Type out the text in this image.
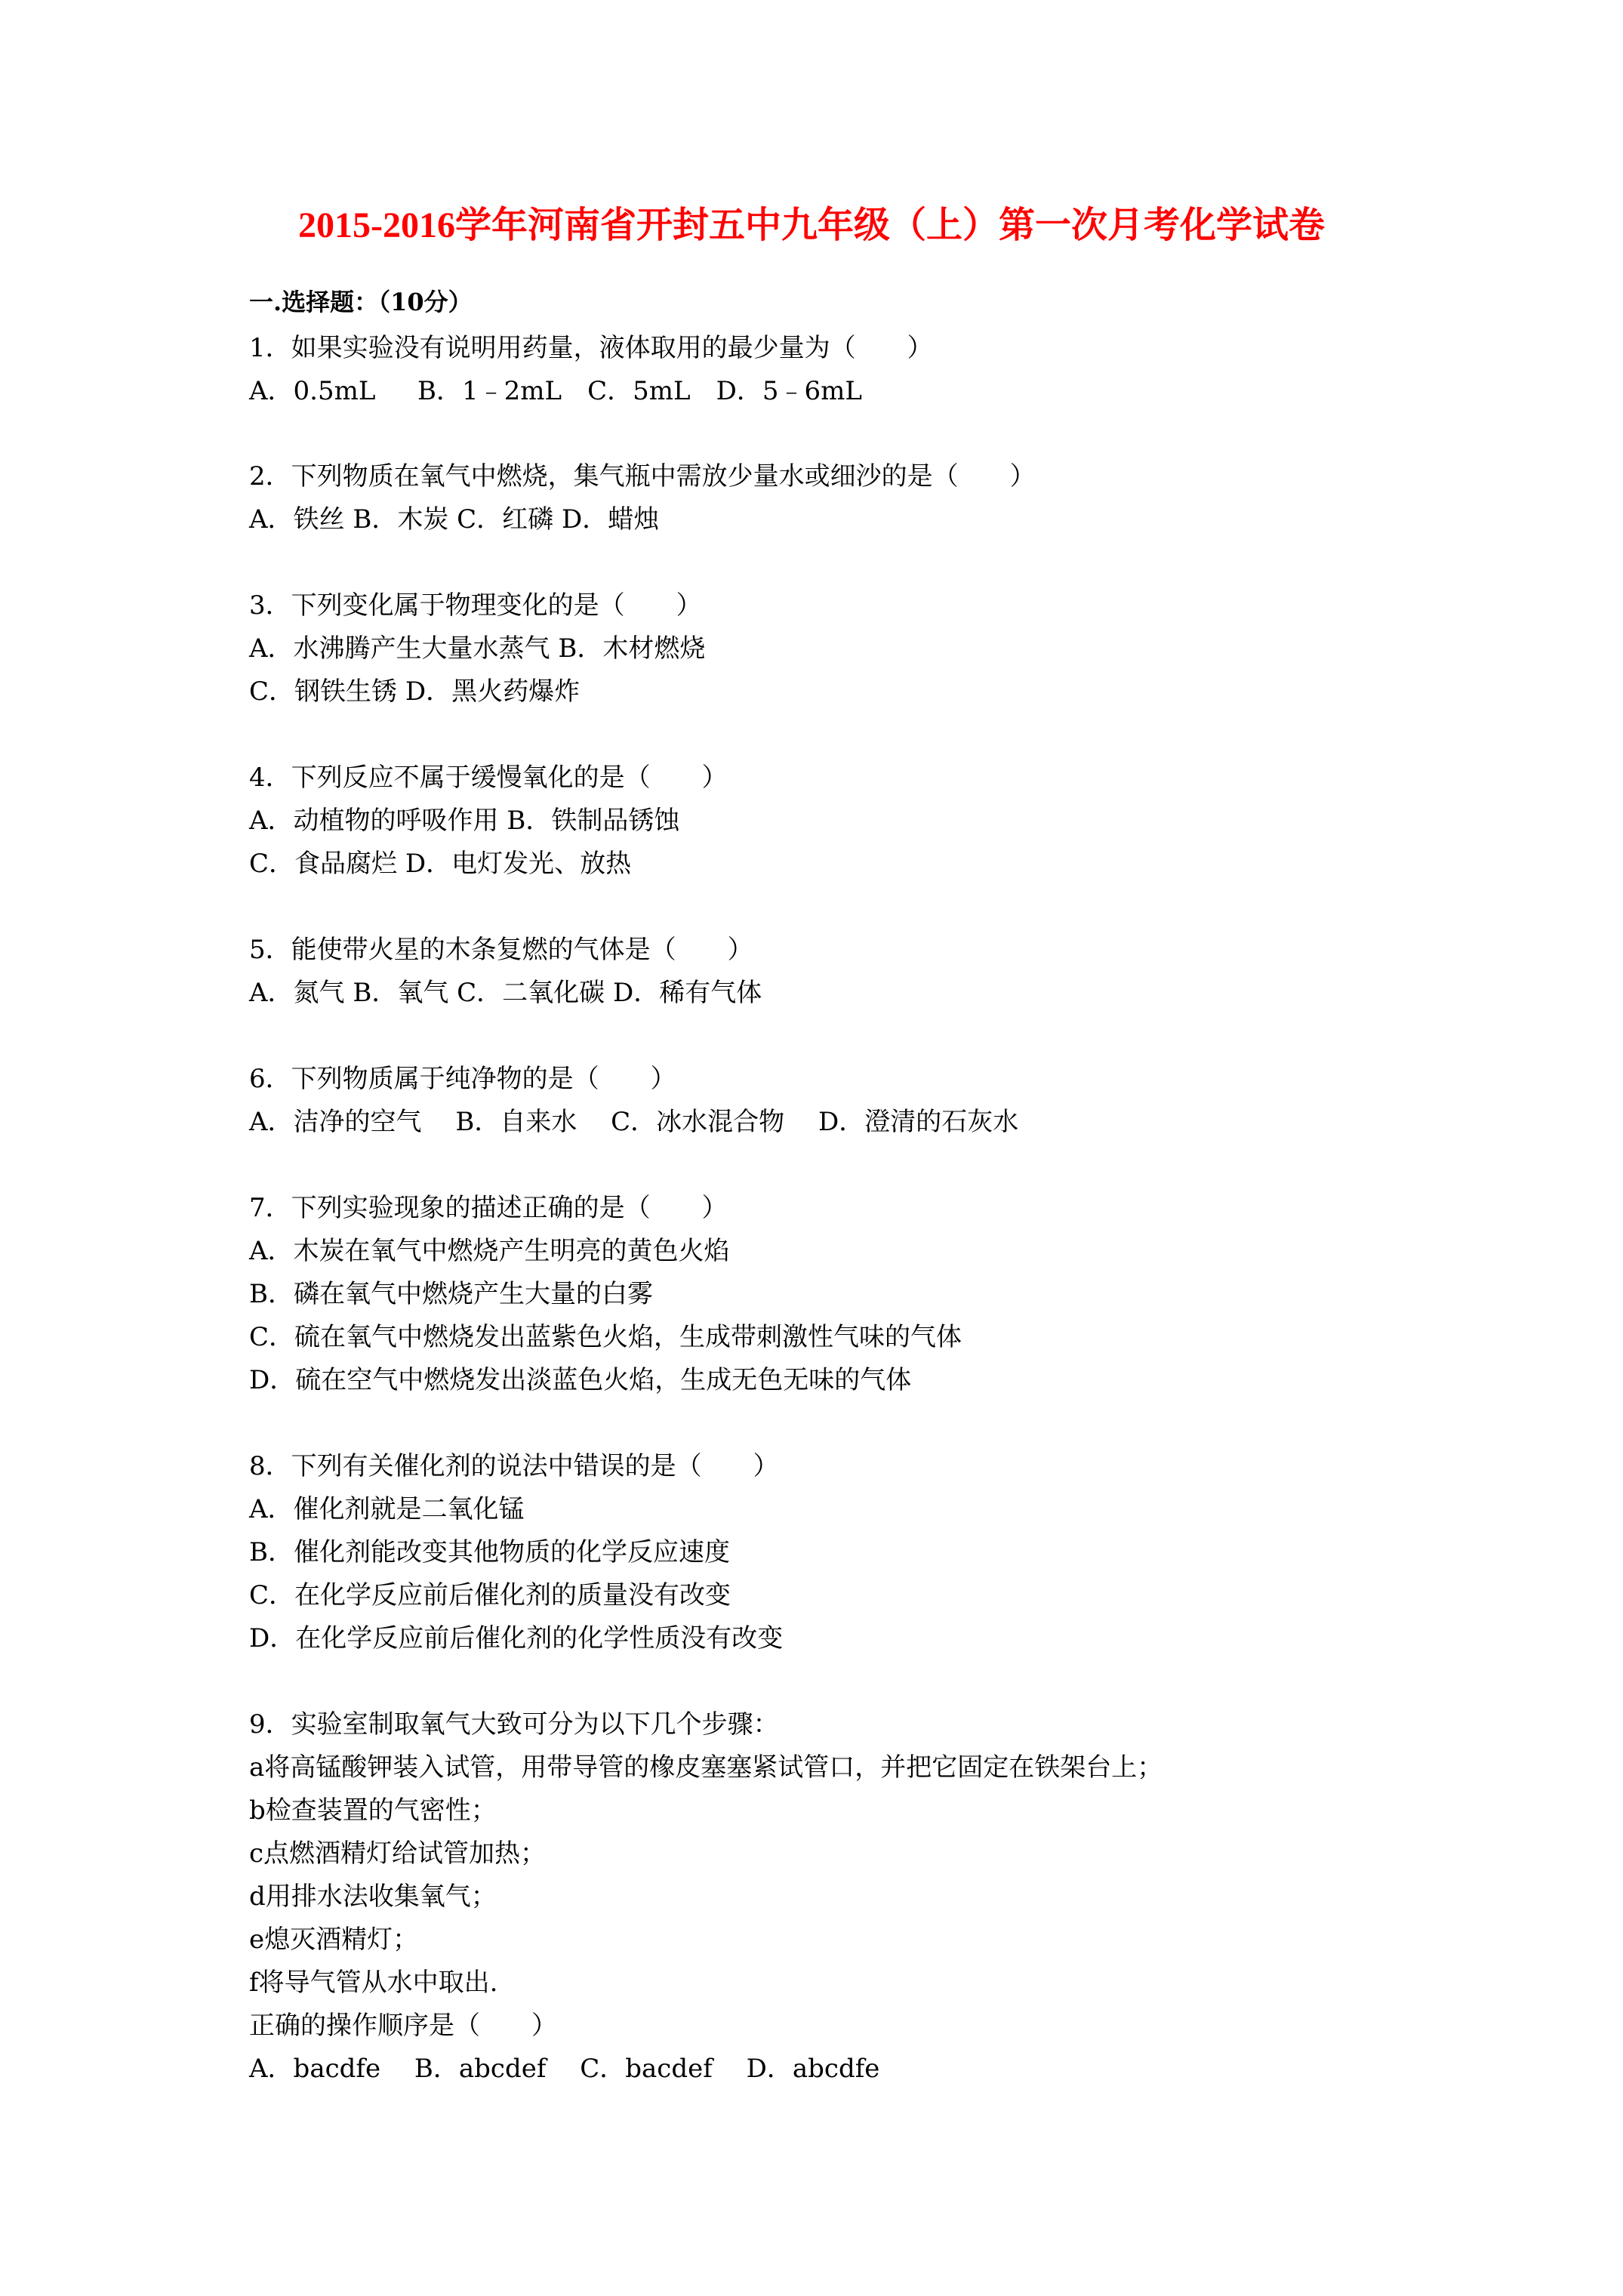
2015-2016学年河南省开封五中九年级（上）第一次月考化学试卷
一.选择题：（10分）
1．如果实验没有说明用药量，液体取用的最少量为（　　）
A．0.5mL　  B．1﹣2mL　C．5mL　D．5﹣6mL
2．下列物质在氧气中燃烧，集气瓶中需放少量水或细沙的是（　　）
A．铁丝 B．木炭 C．红磷 D．蜡烛
3．下列变化属于物理变化的是（　　）
A．水沸腾产生大量水蒸气 B．木材燃烧
C．钢铁生锈 D．黑火药爆炸
4．下列反应不属于缓慢氧化的是（　　）
A．动植物的呼吸作用 B．铁制品锈蚀
C．食品腐烂 D．电灯发光、放热
5．能使带火星的木条复燃的气体是（　　）
A．氮气 B．氧气 C．二氧化碳 D．稀有气体
6．下列物质属于纯净物的是（　　）
A．洁净的空气　 B．自来水　 C．冰水混合物　 D．澄清的石灰水
7．下列实验现象的描述正确的是（　　）
A．木炭在氧气中燃烧产生明亮的黄色火焰
B．磷在氧气中燃烧产生大量的白雾
C．硫在氧气中燃烧发出蓝紫色火焰，生成带刺激性气味的气体
D．硫在空气中燃烧发出淡蓝色火焰，生成无色无味的气体
8．下列有关催化剂的说法中错误的是（　　）
A．催化剂就是二氧化锰
B．催化剂能改变其他物质的化学反应速度
C．在化学反应前后催化剂的质量没有改变
D．在化学反应前后催化剂的化学性质没有改变
9．实验室制取氧气大致可分为以下几个步骤：
a将高锰酸钾装入试管，用带导管的橡皮塞塞紧试管口，并把它固定在铁架台上；
b检查装置的气密性；
c点燃酒精灯给试管加热；
d用排水法收集氧气；
e熄灭酒精灯；
f将导气管从水中取出.
正确的操作顺序是（　　）
A．bacdfe　 B．abcdef　 C．bacdef　 D．abcdfe
